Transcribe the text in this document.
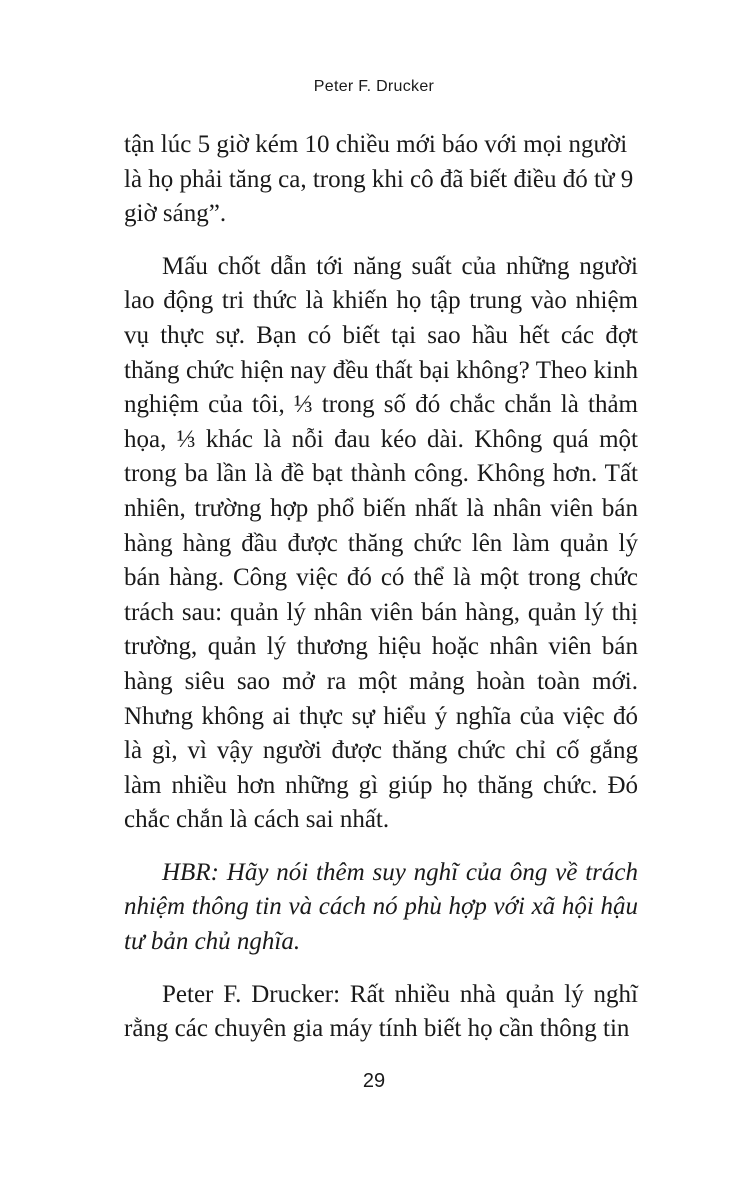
Peter F. Drucker

tận lúc 5 giờ kém 10 chiều mới báo với mọi người là họ phải tăng ca, trong khi cô đã biết điều đó từ 9 giờ sáng”.

Mấu chốt dẫn tới năng suất của những người lao động tri thức là khiến họ tập trung vào nhiệm vụ thực sự. Bạn có biết tại sao hầu hết các đợt thăng chức hiện nay đều thất bại không? Theo kinh nghiệm của tôi, ⅓ trong số đó chắc chắn là thảm họa, ⅓ khác là nỗi đau kéo dài. Không quá một trong ba lần là đề bạt thành công. Không hơn. Tất nhiên, trường hợp phổ biến nhất là nhân viên bán hàng hàng đầu được thăng chức lên làm quản lý bán hàng. Công việc đó có thể là một trong chức trách sau: quản lý nhân viên bán hàng, quản lý thị trường, quản lý thương hiệu hoặc nhân viên bán hàng siêu sao mở ra một mảng hoàn toàn mới. Nhưng không ai thực sự hiểu ý nghĩa của việc đó là gì, vì vậy người được thăng chức chỉ cố gắng làm nhiều hơn những gì giúp họ thăng chức. Đó chắc chắn là cách sai nhất.

HBR: Hãy nói thêm suy nghĩ của ông về trách nhiệm thông tin và cách nó phù hợp với xã hội hậu tư bản chủ nghĩa.

Peter F. Drucker: Rất nhiều nhà quản lý nghĩ rằng các chuyên gia máy tính biết họ cần thông tin

29
